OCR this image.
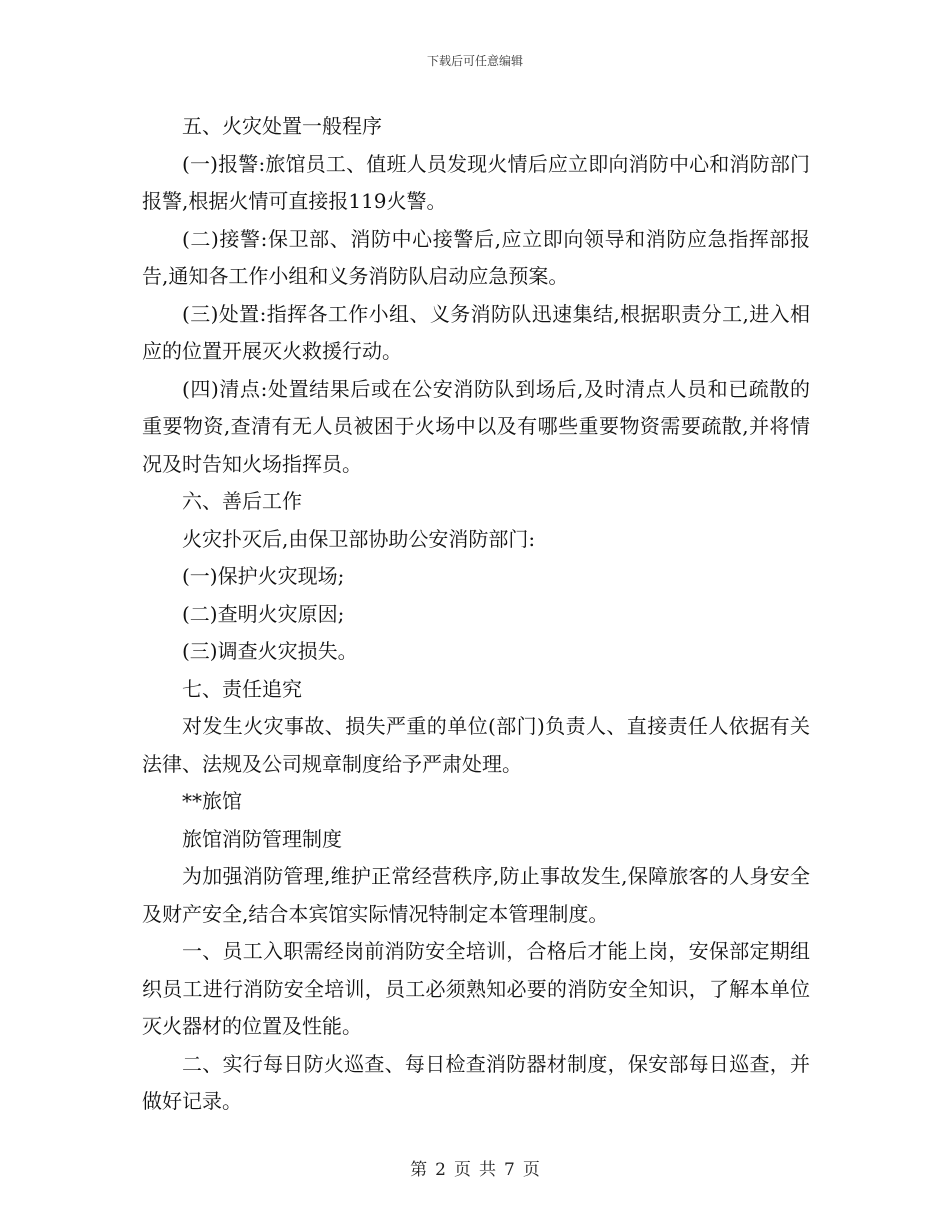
下载后可任意编辑

五、火灾处置一般程序

(一)报警:旅馆员工、值班人员发现火情后应立即向消防中心和消防部门报警,根据火情可直接报119火警。

(二)接警:保卫部、消防中心接警后,应立即向领导和消防应急指挥部报告,通知各工作小组和义务消防队启动应急预案。

(三)处置:指挥各工作小组、义务消防队迅速集结,根据职责分工,进入相应的位置开展灭火救援行动。

(四)清点:处置结果后或在公安消防队到场后,及时清点人员和已疏散的重要物资,查清有无人员被困于火场中以及有哪些重要物资需要疏散,并将情况及时告知火场指挥员。

六、善后工作

火灾扑灭后,由保卫部协助公安消防部门:

(一)保护火灾现场;

(二)查明火灾原因;

(三)调查火灾损失。

七、责任追究

对发生火灾事故、损失严重的单位(部门)负责人、直接责任人依据有关法律、法规及公司规章制度给予严肃处理。

**旅馆

旅馆消防管理制度

为加强消防管理,维护正常经营秩序,防止事故发生,保障旅客的人身安全及财产安全,结合本宾馆实际情况特制定本管理制度。

一、员工入职需经岗前消防安全培训，合格后才能上岗，安保部定期组织员工进行消防安全培训，员工必须熟知必要的消防安全知识，了解本单位灭火器材的位置及性能。

二、实行每日防火巡查、每日检查消防器材制度，保安部每日巡查，并做好记录。

第 2 页 共 7 页
